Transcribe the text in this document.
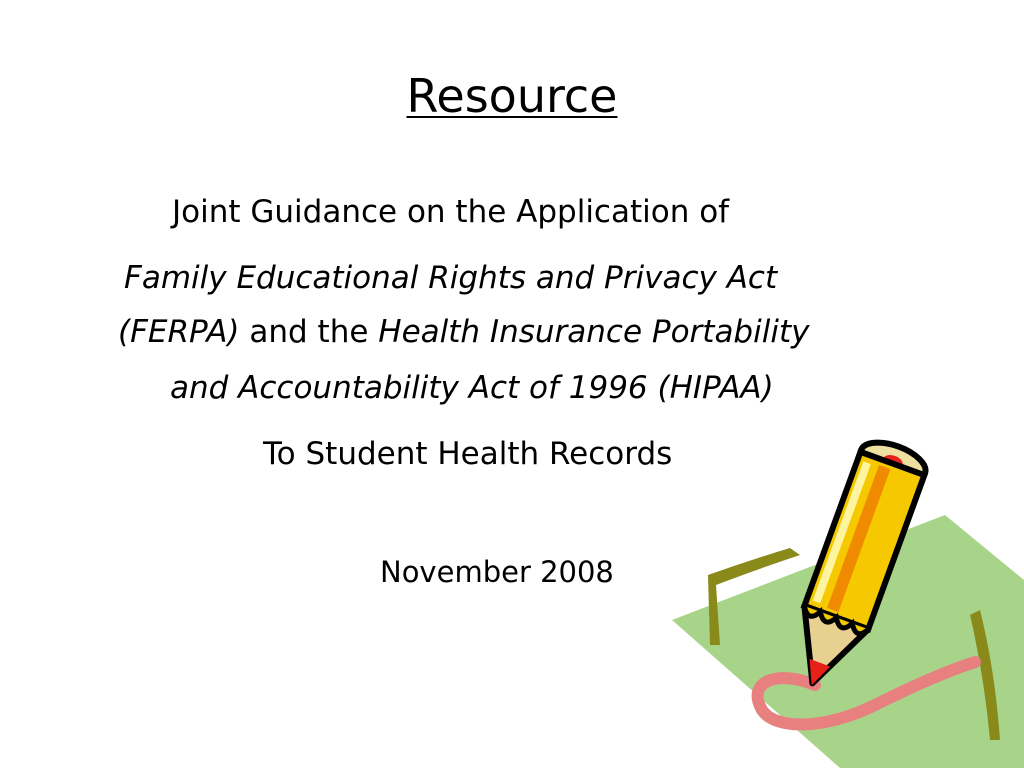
Resource
Joint Guidance on the Application of
Family Educational Rights and Privacy Act
(FERPA) and the Health Insurance Portability
and Accountability Act of 1996 (HIPAA)
To Student Health Records
November 2008
